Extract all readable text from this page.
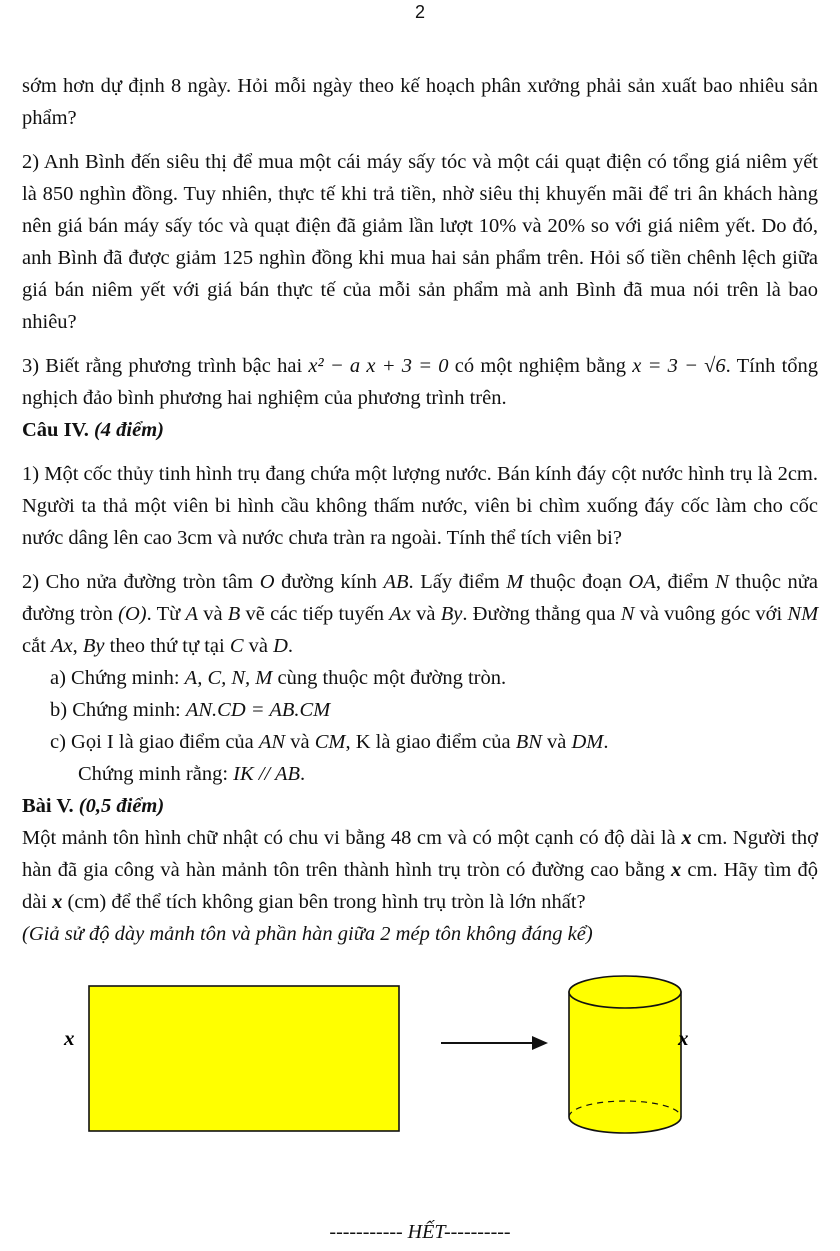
2

sớm hơn dự định 8 ngày. Hỏi mỗi ngày theo kế hoạch phân xưởng phải sản xuất bao nhiêu sản phẩm?

2) Anh Bình đến siêu thị để mua một cái máy sấy tóc và một cái quạt điện có tổng giá niêm yết là 850 nghìn đồng. Tuy nhiên, thực tế khi trả tiền, nhờ siêu thị khuyến mãi để tri ân khách hàng nên giá bán máy sấy tóc và quạt điện đã giảm lần lượt 10% và 20% so với giá niêm yết. Do đó, anh Bình đã được giảm 125 nghìn đồng khi mua hai sản phẩm trên. Hỏi số tiền chênh lệch giữa giá bán niêm yết với giá bán thực tế của mỗi sản phẩm mà anh Bình đã mua nói trên là bao nhiêu?

3) Biết rằng phương trình bậc hai x² − a x + 3 = 0 có một nghiệm bằng x = 3 − √6. Tính tổng nghịch đảo bình phương hai nghiệm của phương trình trên.

Câu IV. (4 điểm)

1) Một cốc thủy tinh hình trụ đang chứa một lượng nước. Bán kính đáy cột nước hình trụ là 2cm. Người ta thả một viên bi hình cầu không thấm nước, viên bi chìm xuống đáy cốc làm cho cốc nước dâng lên cao 3cm và nước chưa tràn ra ngoài. Tính thể tích viên bi?

2) Cho nửa đường tròn tâm O đường kính AB. Lấy điểm M thuộc đoạn OA, điểm N thuộc nửa đường tròn (O). Từ A và B vẽ các tiếp tuyến Ax và By. Đường thẳng qua N và vuông góc với NM cắt Ax, By theo thứ tự tại C và D.

a) Chứng minh: A, C, N, M cùng thuộc một đường tròn.

b) Chứng minh: AN.CD = AB.CM

c) Gọi I là giao điểm của AN và CM, K là giao điểm của BN và DM.

Chứng minh rằng: IK // AB.

Bài V. (0,5 điểm)

Một mảnh tôn hình chữ nhật có chu vi bằng 48 cm và có một cạnh có độ dài là x cm. Người thợ hàn đã gia công và hàn mảnh tôn trên thành hình trụ tròn có đường cao bằng x cm. Hãy tìm độ dài x (cm) để thể tích không gian bên trong hình trụ tròn là lớn nhất?

(Giả sử độ dày mảnh tôn và phần hàn giữa 2 mép tôn không đáng kể)

x	x
----------- HẾT----------
